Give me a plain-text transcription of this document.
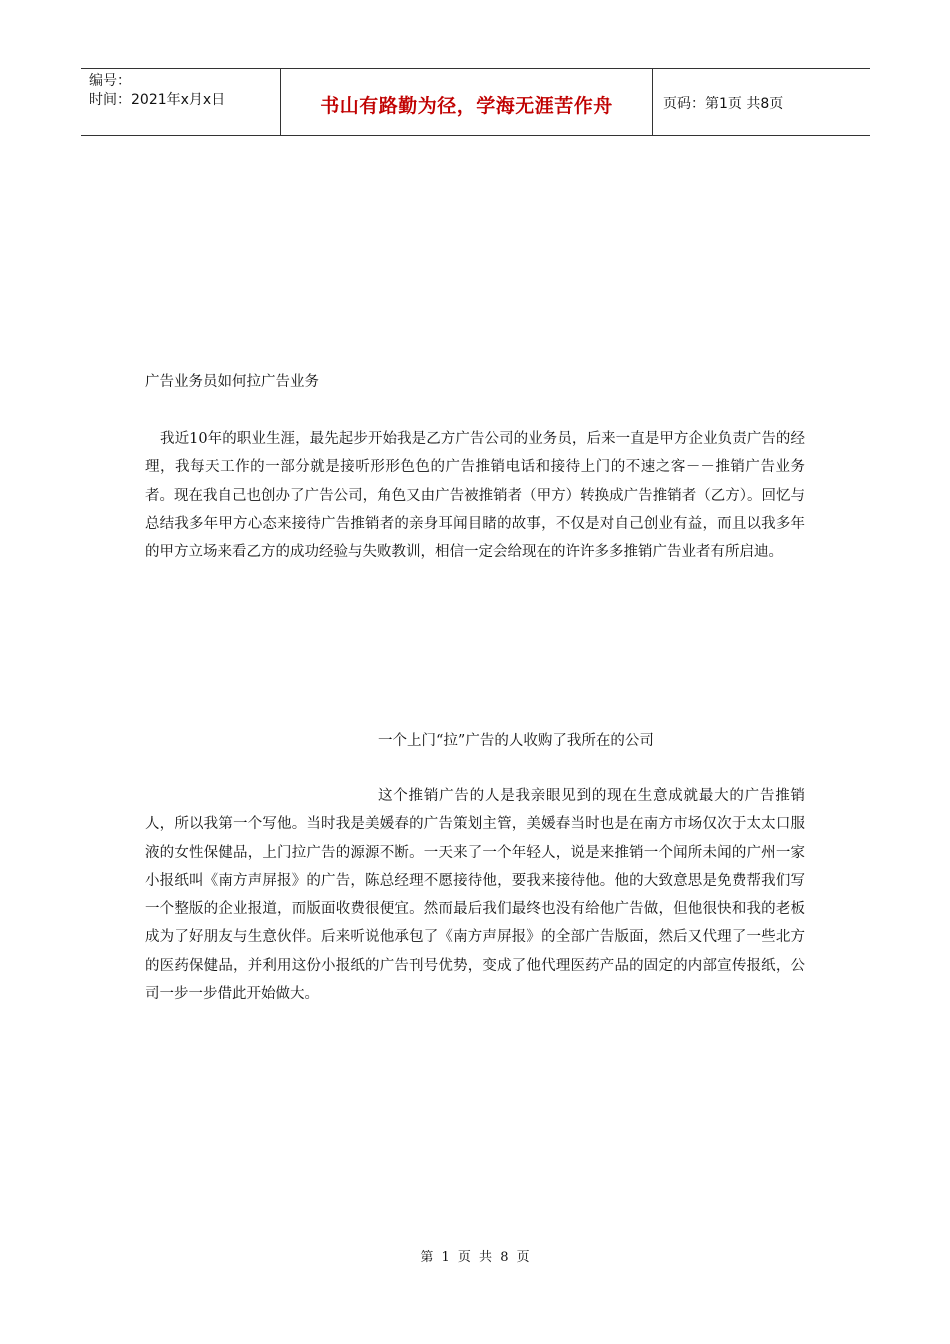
编号：
时间：2021年x月x日	书山有路勤为径，学海无涯苦作舟	页码：第1页 共8页
广告业务员如何拉广告业务
我近10年的职业生涯，最先起步开始我是乙方广告公司的业务员，后来一直是甲方企业负责广告的经理，我每天工作的一部分就是接听形形色色的广告推销电话和接待上门的不速之客－－推销广告业务者。现在我自己也创办了广告公司，角色又由广告被推销者（甲方）转换成广告推销者（乙方）。回忆与总结我多年甲方心态来接待广告推销者的亲身耳闻目睹的故事，不仅是对自己创业有益，而且以我多年的甲方立场来看乙方的成功经验与失败教训，相信一定会给现在的许许多多推销广告业者有所启迪。
一个上门“拉”广告的人收购了我所在的公司
这个推销广告的人是我亲眼见到的现在生意成就最大的广告推销人，所以我第一个写他。当时我是美媛春的广告策划主管，美媛春当时也是在南方市场仅次于太太口服液的女性保健品，上门拉广告的源源不断。一天来了一个年轻人，说是来推销一个闻所未闻的广州一家小报纸叫《南方声屏报》的广告，陈总经理不愿接待他，要我来接待他。他的大致意思是免费帮我们写一个整版的企业报道，而版面收费很便宜。然而最后我们最终也没有给他广告做，但他很快和我的老板成为了好朋友与生意伙伴。后来听说他承包了《南方声屏报》的全部广告版面，然后又代理了一些北方的医药保健品，并利用这份小报纸的广告刊号优势，变成了他代理医药产品的固定的内部宣传报纸，公司一步一步借此开始做大。
第 1 页 共 8 页
